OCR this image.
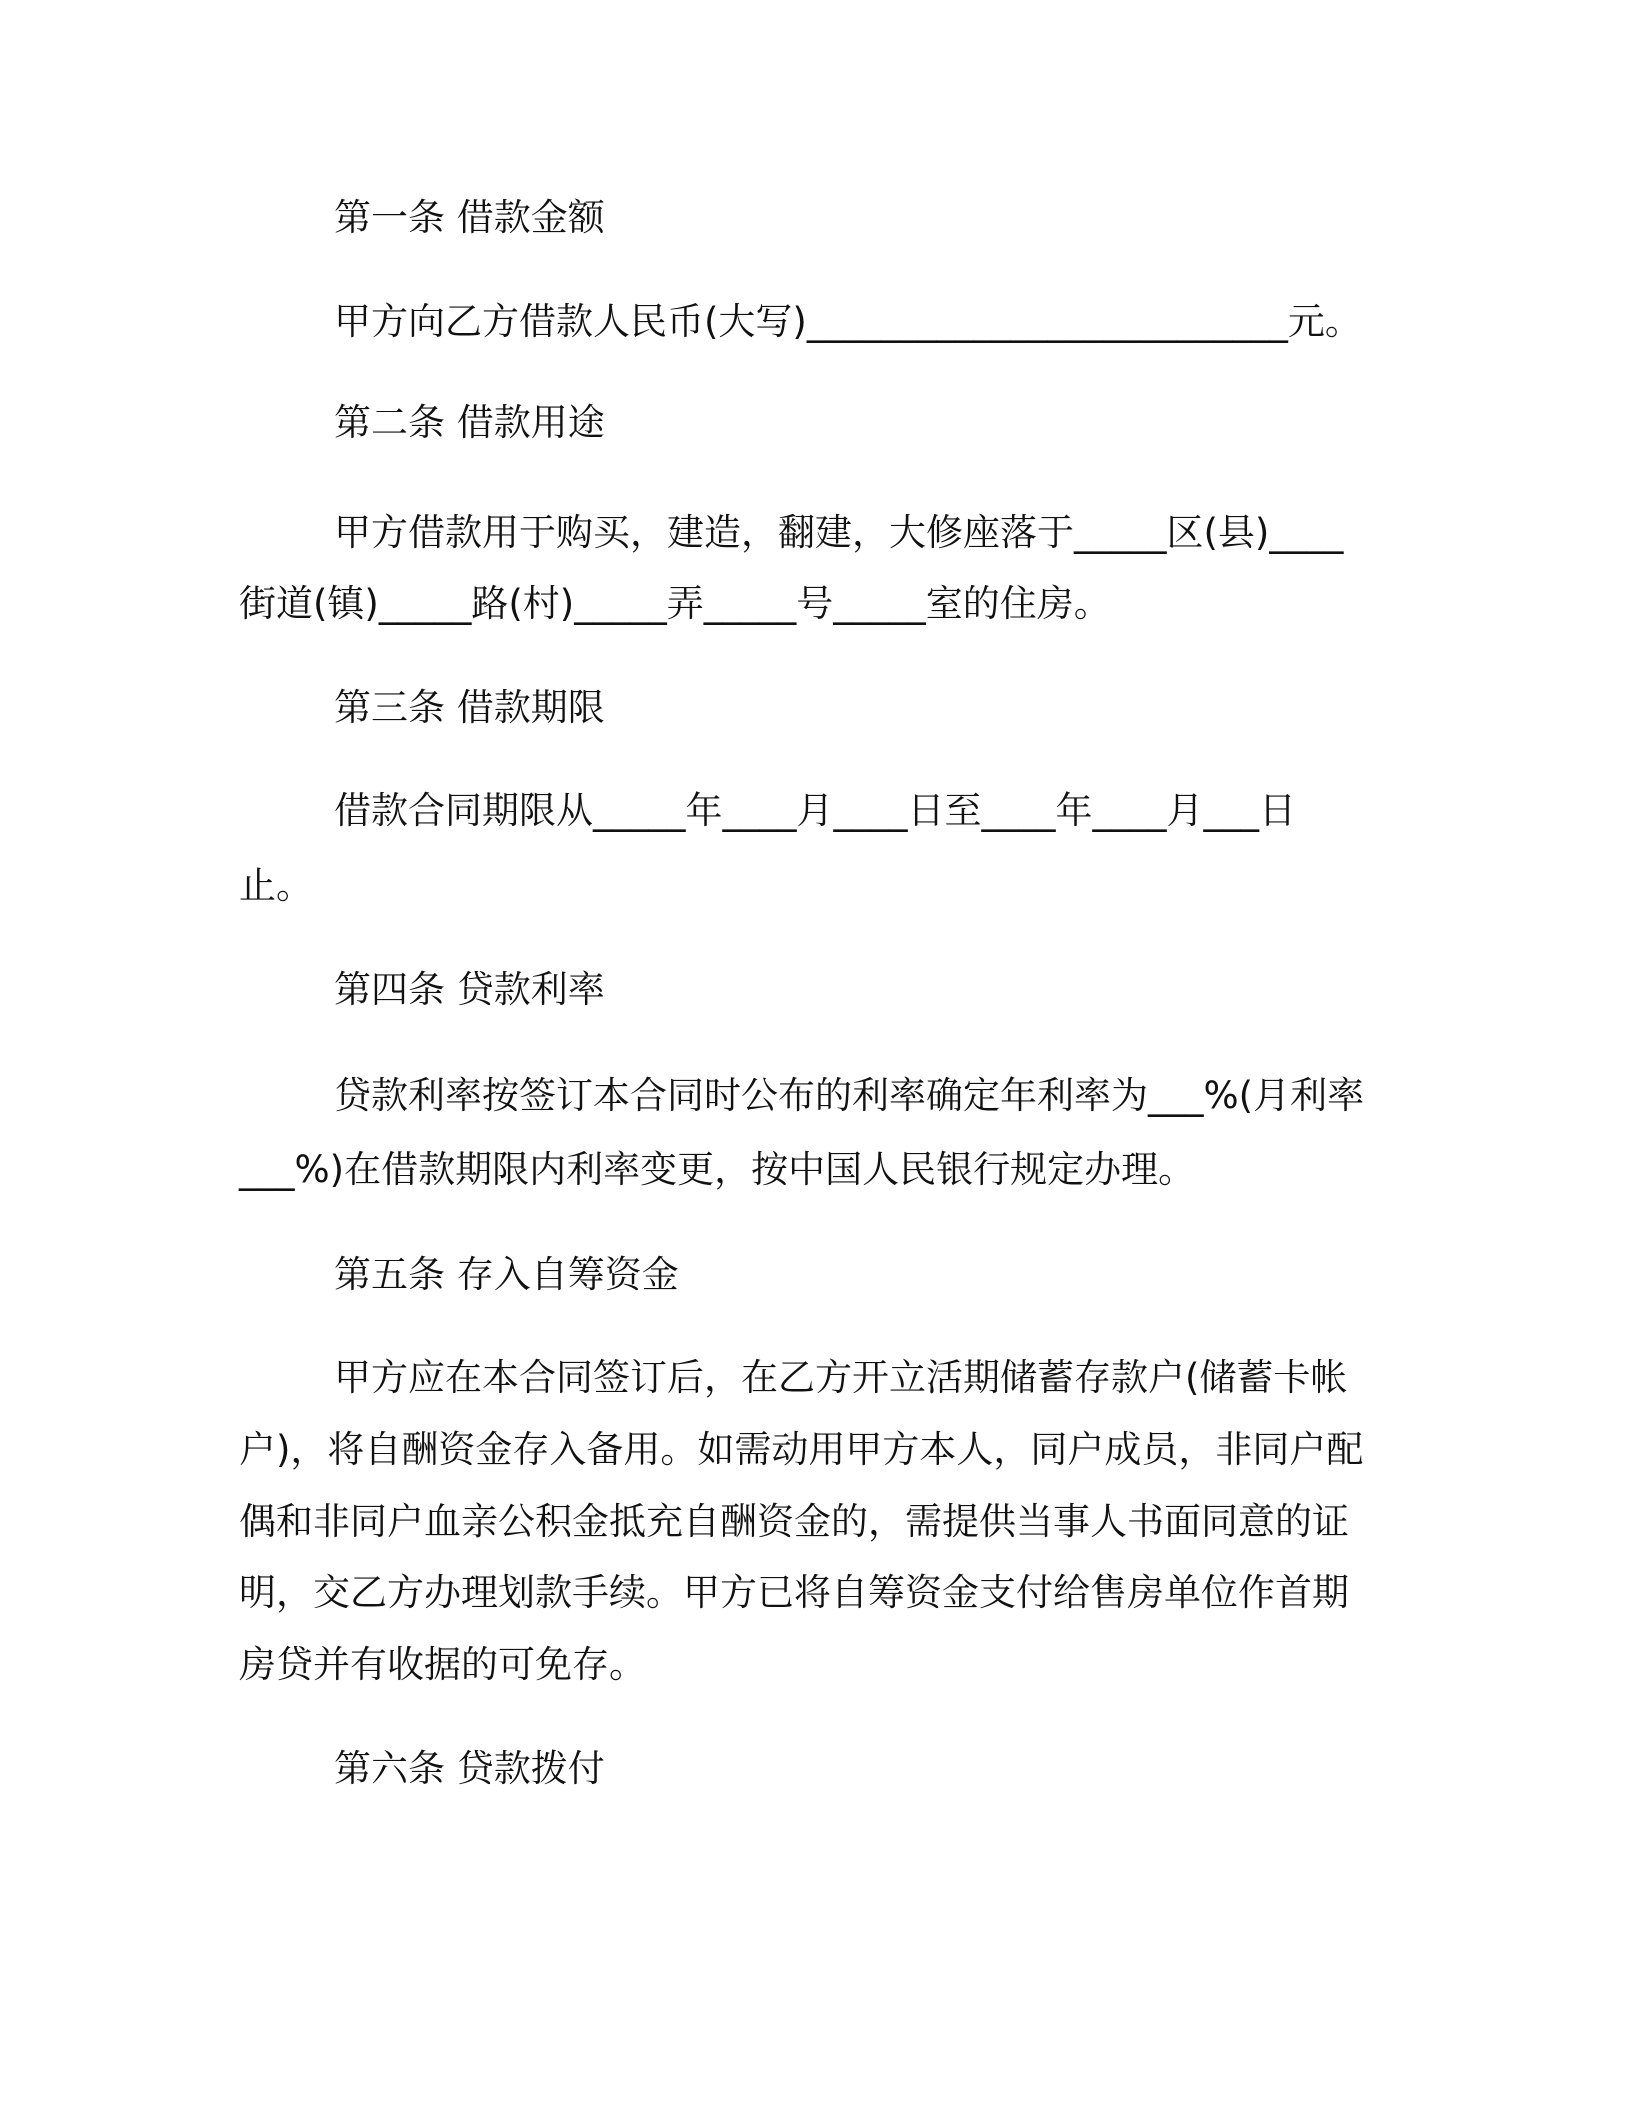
第一条 借款金额

甲方向乙方借款人民币(大写)__________________________元。

第二条 借款用途

甲方借款用于购买，建造，翻建，大修座落于_____区(县)____

街道(镇)_____路(村)_____弄_____号_____室的住房。

第三条 借款期限

借款合同期限从_____年____月____日至____年____月___日

止。

第四条 贷款利率

贷款利率按签订本合同时公布的利率确定年利率为___%(月利率

___%)在借款期限内利率变更，按中国人民银行规定办理。

第五条 存入自筹资金

甲方应在本合同签订后，在乙方开立活期储蓄存款户(储蓄卡帐

户)，将自酬资金存入备用。如需动用甲方本人，同户成员，非同户配

偶和非同户血亲公积金抵充自酬资金的，需提供当事人书面同意的证

明，交乙方办理划款手续。甲方已将自筹资金支付给售房单位作首期

房贷并有收据的可免存。

第六条 贷款拨付
